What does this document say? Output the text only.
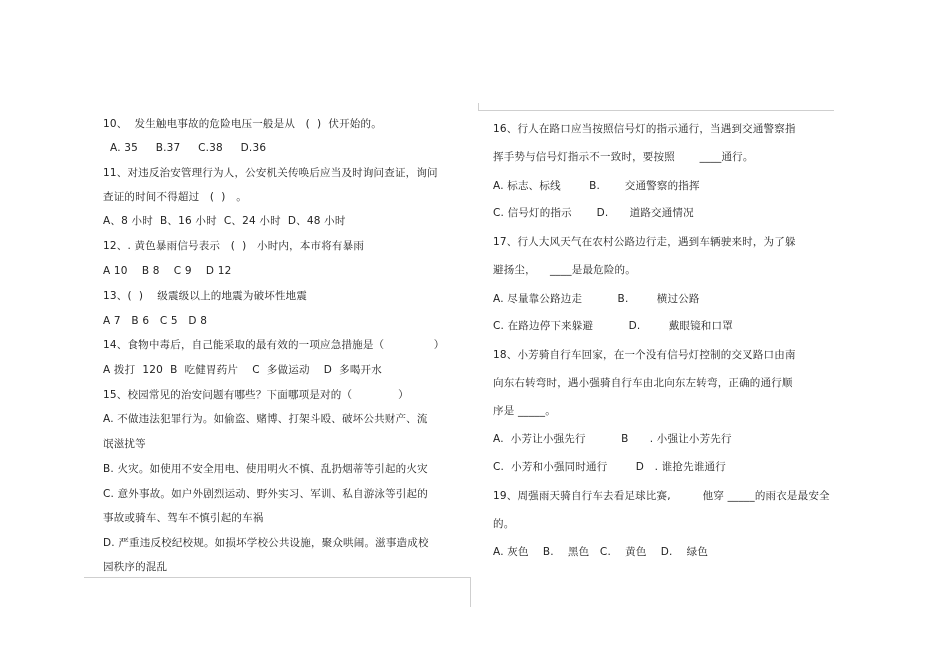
10、  发生触电事故的危险电压一般是从   (  )  伏开始的。
A. 35     B.37     C.38     D.36
11、对违反治安管理行为人，公安机关传唤后应当及时询问查证，询问
查证的时间不得超过   (  )   。
A、8 小时  B、16 小时  C、24 小时  D、48 小时
12、. 黄色暴雨信号表示   (  )   小时内，本市将有暴雨
A 10    B 8    C 9    D 12
13、(  )    级震级以上的地震为破坏性地震
A 7   B 6   C 5   D 8
14、食物中毒后，自己能采取的最有效的一项应急措施是（              ）
A 拨打  120  B  吃健胃药片    C  多做运动    D  多喝开水
15、校园常见的治安问题有哪些？下面哪项是对的（             ）
A. 不做违法犯罪行为。如偷盗、赌博、打架斗殴、破坏公共财产、流
氓滋扰等
B. 火灾。如使用不安全用电、使用明火不慎、乱扔烟蒂等引起的火灾
C. 意外事故。如户外剧烈运动、野外实习、军训、私自游泳等引起的
事故或骑车、驾车不慎引起的车祸
D. 严重违反校纪校规。如损坏学校公共设施，聚众哄闹。滋事造成校
园秩序的混乱
16、行人在路口应当按照信号灯的指示通行，当遇到交通警察指
挥手势与信号灯指示不一致时，要按照       ____通行。
A. 标志、标线        B.       交通警察的指挥
C. 信号灯的指示       D.      道路交通情况
17、行人大风天气在农村公路边行走，遇到车辆驶来时，为了躲
避扬尘，    ____是最危险的。
A. 尽量靠公路边走          B.        横过公路
C. 在路边停下来躲避          D.        戴眼镜和口罩
18、小芳骑自行车回家，在一个没有信号灯控制的交叉路口由南
向东右转弯时，遇小强骑自行车由北向东左转弯，正确的通行顺
序是 _____。
A.  小芳让小强先行          B      . 小强让小芳先行
C.  小芳和小强同时通行        D   . 谁抢先谁通行
19、周强雨天骑自行车去看足球比赛,         他穿 _____的雨衣是最安全
的。
A. 灰色    B.    黑色   C.    黄色    D.    绿色
